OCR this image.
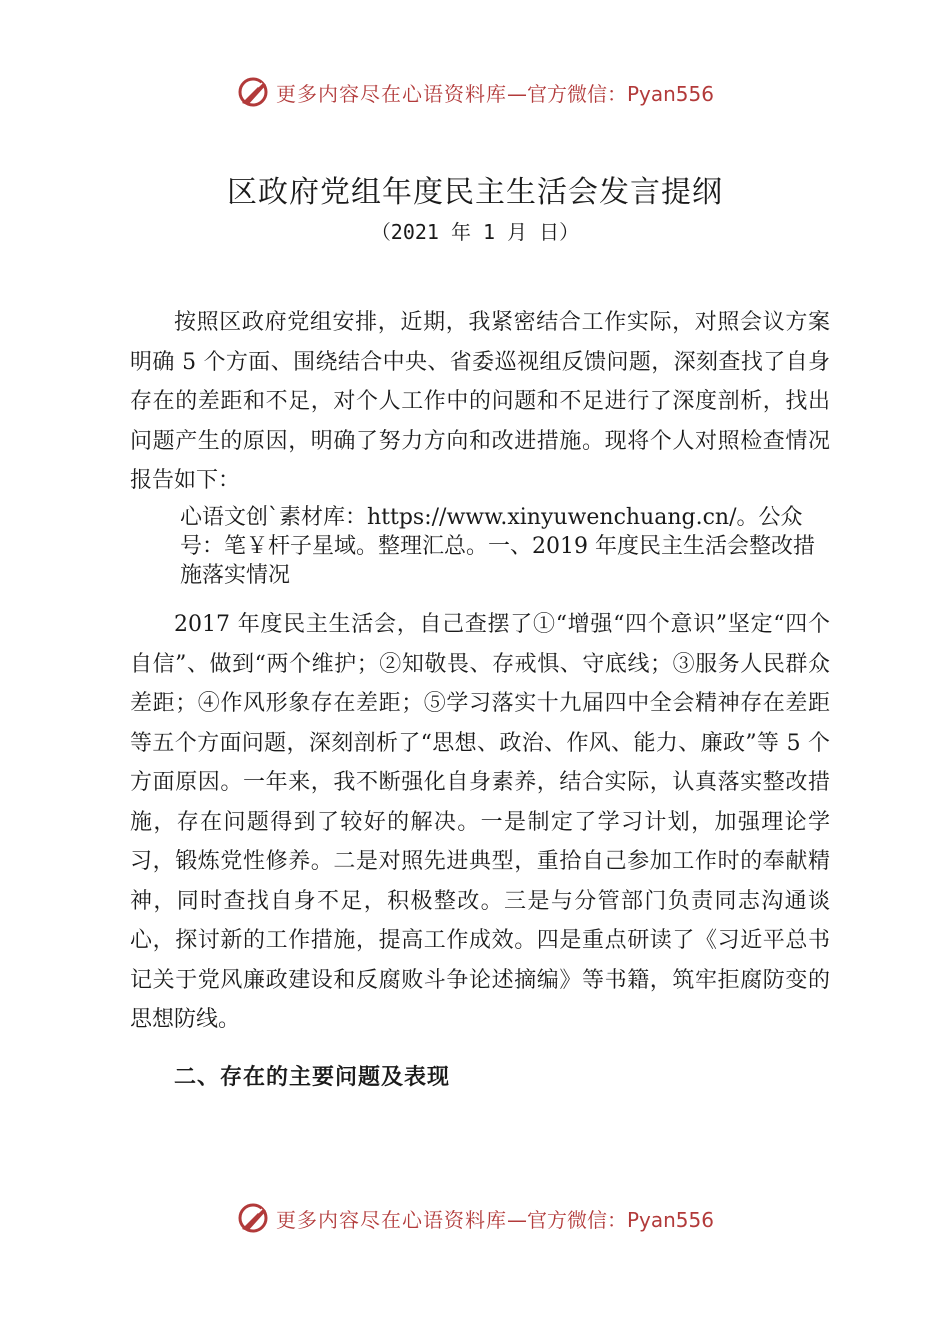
更多内容尽在心语资料库 —官方微信：Pyan556
区政府党组年度民主生活会发言提纲
（2021 年 1 月 日）

按照区政府党组安排，近期，我紧密结合工作实际，对照会议方案明确 5 个方面、围绕结合中央、省委巡视组反馈问题，深刻查找了自身存在的差距和不足，对个人工作中的问题和不足进行了深度剖析，找出问题产生的原因，明确了努力方向和改进措施。现将个人对照检查情况报告如下：

心语文创`素材库：https://www.xinyuwenchuang.cn/。公众号：笔￥杆子星域。整理汇总。一、2019 年度民主生活会整改措施落实情况

2017 年度民主生活会，自己查摆了①“增强“四个意识”坚定“四个自信”、做到“两个维护；②知敬畏、存戒惧、守底线；③服务人民群众差距；④作风形象存在差距；⑤学习落实十九届四中全会精神存在差距等五个方面问题，深刻剖析了“思想、政治、作风、能力、廉政”等 5 个方面原因。一年来，我不断强化自身素养，结合实际，认真落实整改措施，存在问题得到了较好的解决。一是制定了学习计划，加强理论学习，锻炼党性修养。二是对照先进典型，重拾自己参加工作时的奉献精神，同时查找自身不足，积极整改。三是与分管部门负责同志沟通谈心，探讨新的工作措施，提高工作成效。四是重点研读了《习近平总书记关于党风廉政建设和反腐败斗争论述摘编》等书籍，筑牢拒腐防变的思想防线。

二、存在的主要问题及表现
更多内容尽在心语资料库 —官方微信：Pyan556
